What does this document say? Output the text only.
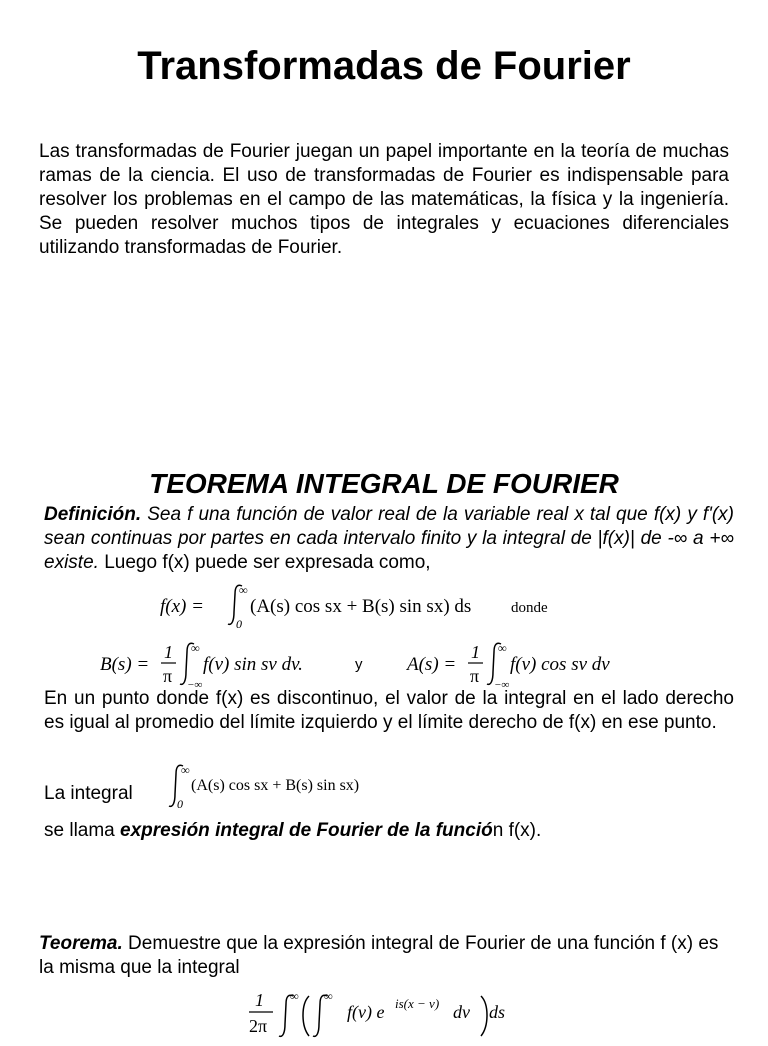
Transformadas de Fourier
Las transformadas de Fourier juegan un papel importante en la teoría de muchas ramas de la ciencia. El uso de transformadas de Fourier es indispensable para resolver los problemas en el campo de las matemáticas, la física y la ingeniería. Se pueden resolver muchos tipos de integrales y ecuaciones diferenciales utilizando transformadas de Fourier.
TEOREMA INTEGRAL DE FOURIER
Definición. Sea f una función de valor real de la variable real x tal que f(x) y f'(x) sean continuas por partes en cada intervalo finito y la integral de |f(x)| de -∞ a +∞ existe. Luego f(x) puede ser expresada como,
f(x) =
∞
0
(A(s) cos sx + B(s) sin sx) ds	donde
B(s) =
1
π
∞
−∞
f(v) sin sv dv.	y A(s) =
1
π
∞
−∞
f(v) cos sv dv
En un punto donde f(x) es discontinuo, el valor de la integral en el lado derecho es igual al promedio del límite izquierdo y el límite derecho de f(x) en ese punto.
La integral
∞
0
(A(s) cos sx + B(s) sin sx)
se llama expresión integral de Fourier de la función f(x).
Teorema. Demuestre que la expresión integral de Fourier de una función f (x) es la misma que la integral
1
2π
∞ ∞
f(v) e is(x − v) dv ds
